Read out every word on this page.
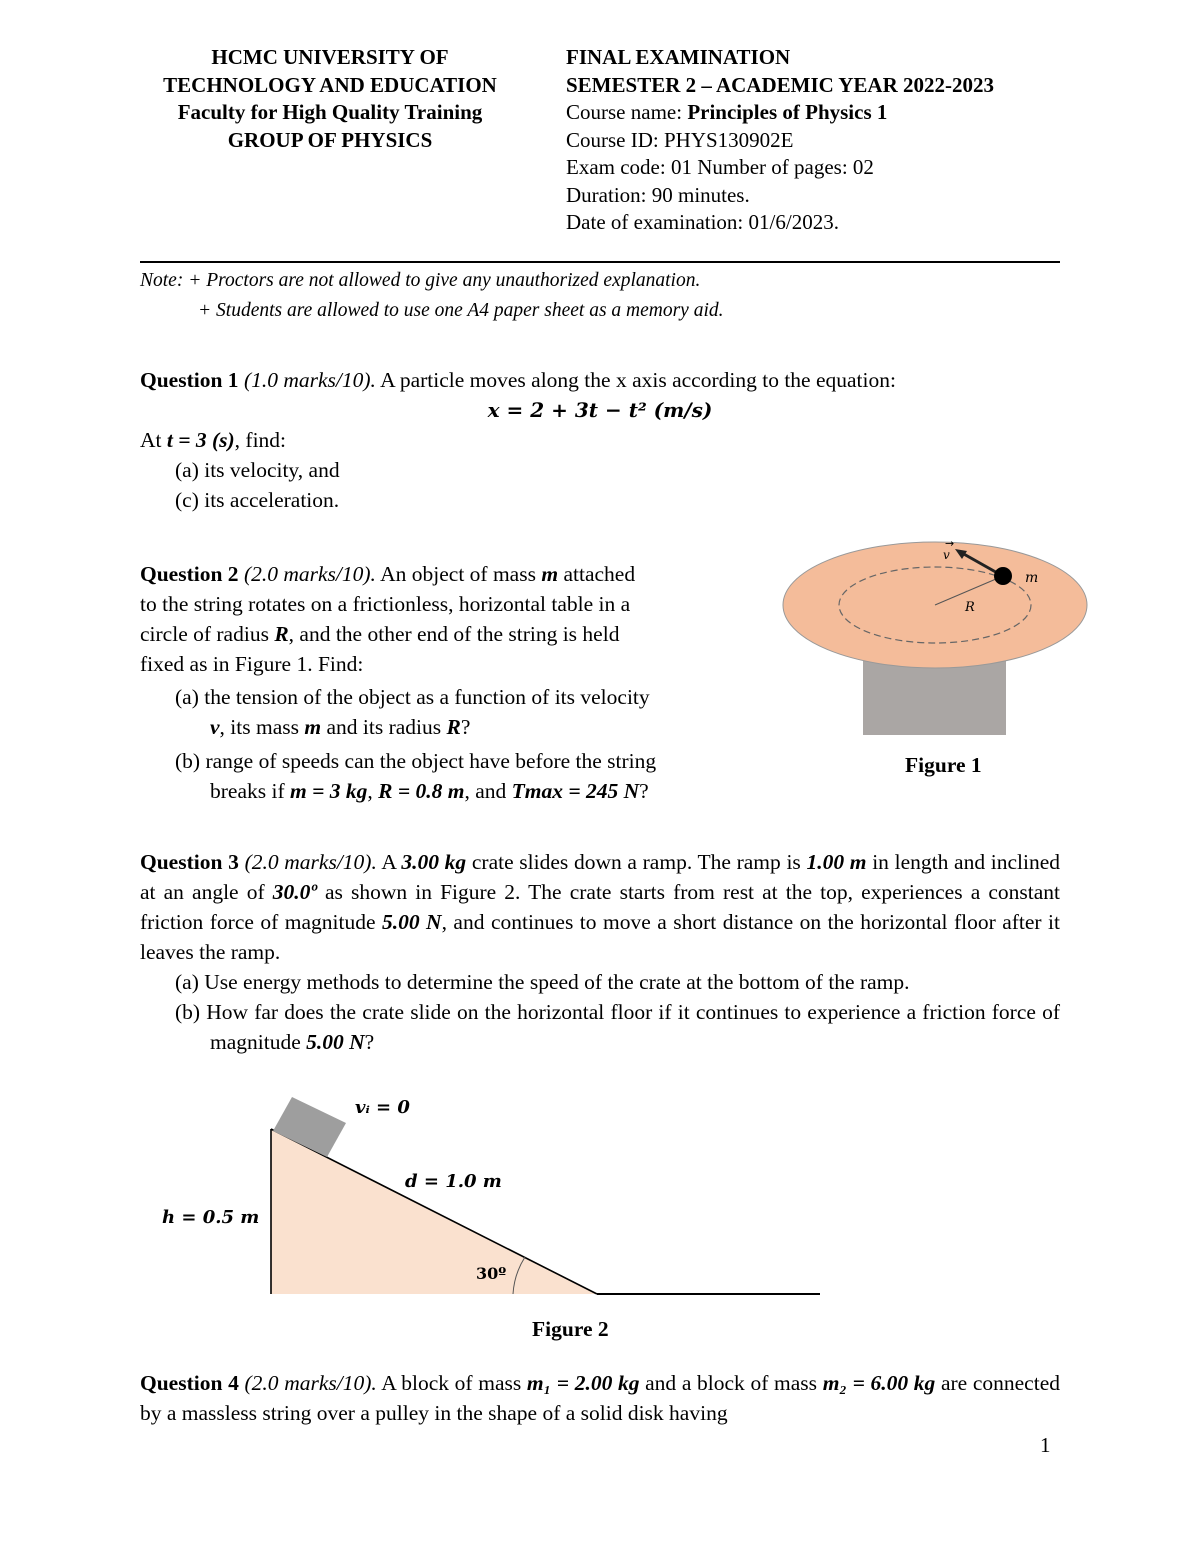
HCMC UNIVERSITY OF
TECHNOLOGY AND EDUCATION
Faculty for High Quality Training
GROUP OF PHYSICS
FINAL EXAMINATION
SEMESTER 2 – ACADEMIC YEAR 2022-2023
Course name: Principles of Physics 1
Course ID: PHYS130902E
Exam code: 01 Number of pages: 02
Duration: 90 minutes.
Date of examination: 01/6/2023.
Note: + Proctors are not allowed to give any unauthorized explanation.
+ Students are allowed to use one A4 paper sheet as a memory aid.
Question 1 (1.0 marks/10). A particle moves along the x axis according to the equation:
x = 2 + 3t − t² (m/s)
At t = 3 (s), find:
(a) its velocity, and
(c) its acceleration.
Question 2 (2.0 marks/10). An object of mass m attached
to the string rotates on a frictionless, horizontal table in a
circle of radius R, and the other end of the string is held
fixed as in Figure 1. Find:
(a) the tension of the object as a function of its velocity
v, its mass m and its radius R?
(b) range of speeds can the object have before the string
breaks if m = 3 kg, R = 0.8 m, and Tmax = 245 N?
v
→
m
R
Figure 1
Question 3 (2.0 marks/10). A 3.00 kg crate slides down a ramp. The ramp is 1.00 m in length and inclined at an angle of 30.0º as shown in Figure 2. The crate starts from rest at the top, experiences a constant friction force of magnitude 5.00 N, and continues to move a short distance on the horizontal floor after it leaves the ramp.
(a) Use energy methods to determine the speed of the crate at the bottom of the ramp.
(b) How far does the crate slide on the horizontal floor if it continues to experience a friction force of magnitude 5.00 N?
vᵢ = 0
d = 1.0 m
h = 0.5 m
30º
Figure 2
Question 4 (2.0 marks/10). A block of mass m₁ = 2.00 kg and a block of mass m₂ = 6.00 kg are connected by a massless string over a pulley in the shape of a solid disk having
1
